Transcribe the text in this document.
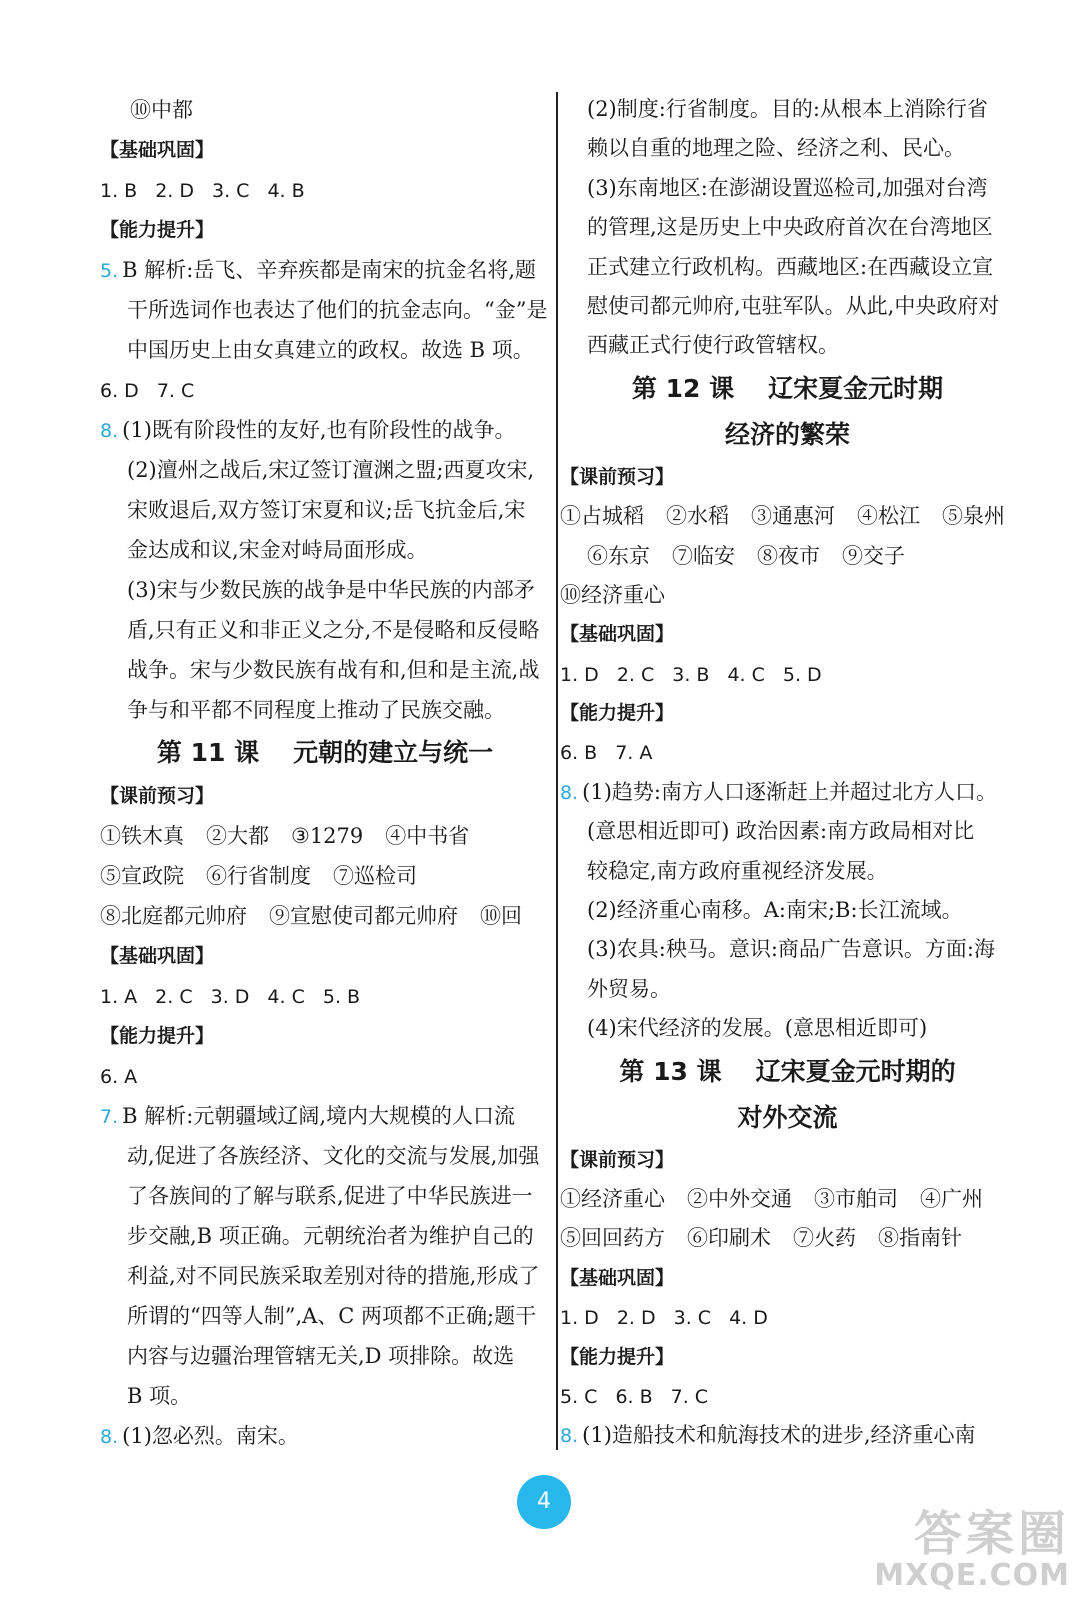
⑩中都
【基础巩固】
1. B 2. D 3. C 4. B
【能力提升】
5. B 解析:岳飞、辛弃疾都是南宋的抗金名将,题
干所选词作也表达了他们的抗金志向。“金”是
中国历史上由女真建立的政权。故选 B 项。
6. D 7. C
8. (1)既有阶段性的友好,也有阶段性的战争。
(2)澶州之战后,宋辽签订澶渊之盟;西夏攻宋,
宋败退后,双方签订宋夏和议;岳飞抗金后,宋
金达成和议,宋金对峙局面形成。
(3)宋与少数民族的战争是中华民族的内部矛
盾,只有正义和非正义之分,不是侵略和反侵略
战争。宋与少数民族有战有和,但和是主流,战
争与和平都不同程度上推动了民族交融。
第 11 课 元朝的建立与统一
【课前预习】
①铁木真 ②大都 ③1279 ④中书省
⑤宣政院 ⑥行省制度 ⑦巡检司
⑧北庭都元帅府 ⑨宣慰使司都元帅府 ⑩回
【基础巩固】
1. A 2. C 3. D 4. C 5. B
【能力提升】
6. A
7. B 解析:元朝疆域辽阔,境内大规模的人口流
动,促进了各族经济、文化的交流与发展,加强
了各族间的了解与联系,促进了中华民族进一
步交融,B 项正确。元朝统治者为维护自己的
利益,对不同民族采取差别对待的措施,形成了
所谓的“四等人制”,A、C 两项都不正确;题干
内容与边疆治理管辖无关,D 项排除。故选
B 项。
8. (1)忽必烈。南宋。
(2)制度:行省制度。目的:从根本上消除行省
赖以自重的地理之险、经济之利、民心。
(3)东南地区:在澎湖设置巡检司,加强对台湾
的管理,这是历史上中央政府首次在台湾地区
正式建立行政机构。西藏地区:在西藏设立宣
慰使司都元帅府,屯驻军队。从此,中央政府对
西藏正式行使行政管辖权。
第 12 课 辽宋夏金元时期
经济的繁荣
【课前预习】
①占城稻 ②水稻 ③通惠河 ④松江 ⑤泉州
⑥东京 ⑦临安 ⑧夜市 ⑨交子
⑩经济重心
【基础巩固】
1. D 2. C 3. B 4. C 5. D
【能力提升】
6. B 7. A
8. (1)趋势:南方人口逐渐赶上并超过北方人口。
(意思相近即可) 政治因素:南方政局相对比
较稳定,南方政府重视经济发展。
(2)经济重心南移。A:南宋;B:长江流域。
(3)农具:秧马。意识:商品广告意识。方面:海
外贸易。
(4)宋代经济的发展。(意思相近即可)
第 13 课 辽宋夏金元时期的
对外交流
【课前预习】
①经济重心 ②中外交通 ③市舶司 ④广州
⑤回回药方 ⑥印刷术 ⑦火药 ⑧指南针
【基础巩固】
1. D 2. D 3. C 4. D
【能力提升】
5. C 6. B 7. C
8. (1)造船技术和航海技术的进步,经济重心南
4
答案圈
MXQE.COM
